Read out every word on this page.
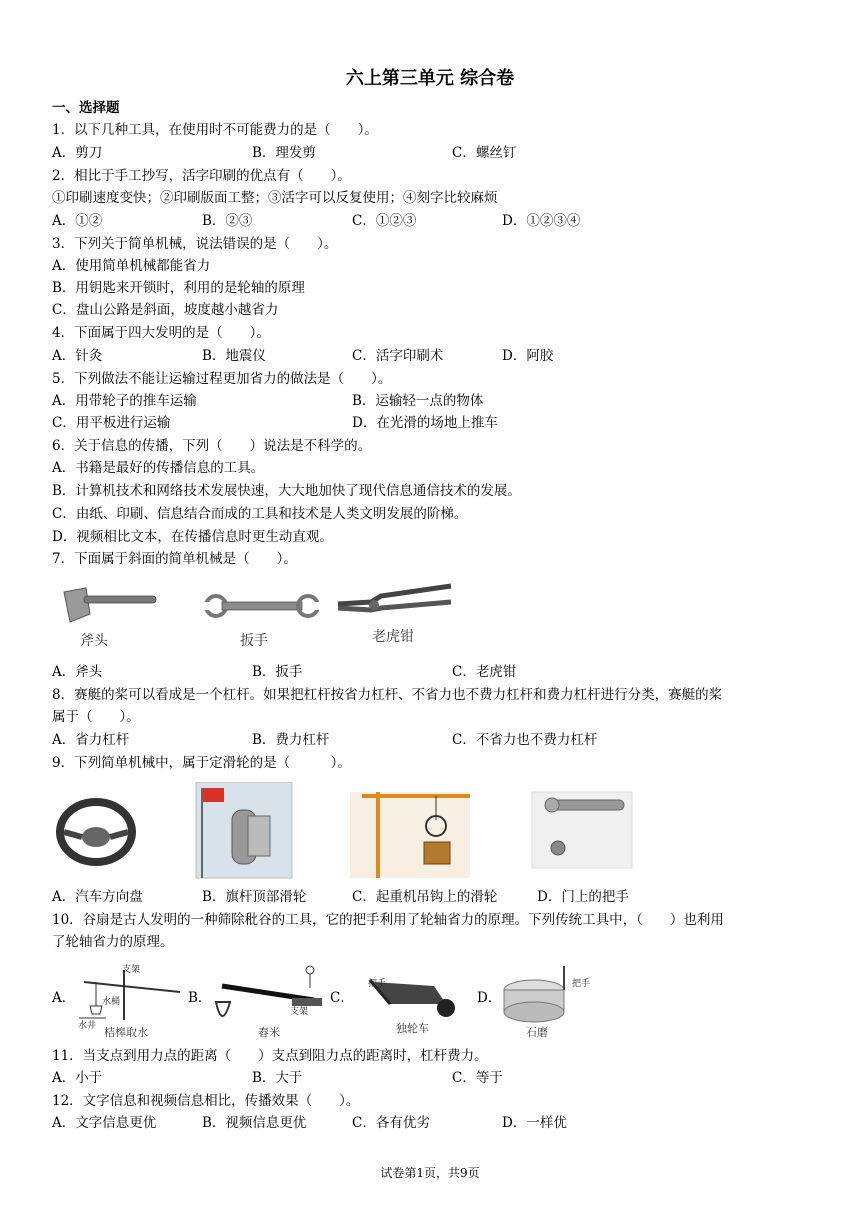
六上第三单元 综合卷
一、选择题
1．以下几种工具，在使用时不可能费力的是（　　）。
A．剪刀	B．理发剪	C．螺丝钉
2．相比于手工抄写，活字印刷的优点有（　　）。
①印刷速度变快；②印刷版面工整；③活字可以反复使用；④刻字比较麻烦
A．①②	B．②③	C．①②③	D．①②③④
3．下列关于简单机械，说法错误的是（　　）。
A．使用简单机械都能省力
B．用钥匙来开锁时，利用的是轮轴的原理
C．盘山公路是斜面，坡度越小越省力
4．下面属于四大发明的是（　　）。
A．针灸	B．地震仪	C．活字印刷术	D．阿胶
5．下列做法不能让运输过程更加省力的做法是（　　）。
A．用带轮子的推车运输	B．运输轻一点的物体
C．用平板进行运输	D．在光滑的场地上推车
6．关于信息的传播，下列（　　）说法是不科学的。
A．书籍是最好的传播信息的工具。
B．计算机技术和网络技术发展快速，大大地加快了现代信息通信技术的发展。
C．由纸、印刷、信息结合而成的工具和技术是人类文明发展的阶梯。
D．视频相比文本，在传播信息时更生动直观。
7．下面属于斜面的简单机械是（　　）。
斧头	扳手	老虎钳
A．斧头	B．扳手	C．老虎钳
8．赛艇的桨可以看成是一个杠杆。如果把杠杆按省力杠杆、不省力也不费力杠杆和费力杠杆进行分类，赛艇的桨
属于（　　）。
A．省力杠杆	B．费力杠杆	C．不省力也不费力杠杆
9．下列简单机械中，属于定滑轮的是（　　　）。
A．汽车方向盘	B．旗杆顶部滑轮	C．起重机吊钩上的滑轮	D．门上的把手
10．谷扇是古人发明的一种筛除秕谷的工具，它的把手利用了轮轴省力的原理。下列传统工具中，（　　）也利用
了轮轴省力的原理。
A．	B．	C．	D．
支架
水桶
水井 桔槔取水
支架
舂米
把手
独轮车
把手
石磨
11．当支点到用力点的距离（　　）支点到阻力点的距离时，杠杆费力。
A．小于	B．大于	C．等于
12．文字信息和视频信息相比，传播效果（　　）。
A．文字信息更优	B．视频信息更优	C．各有优劣	D．一样优
试卷第1页，共9页
